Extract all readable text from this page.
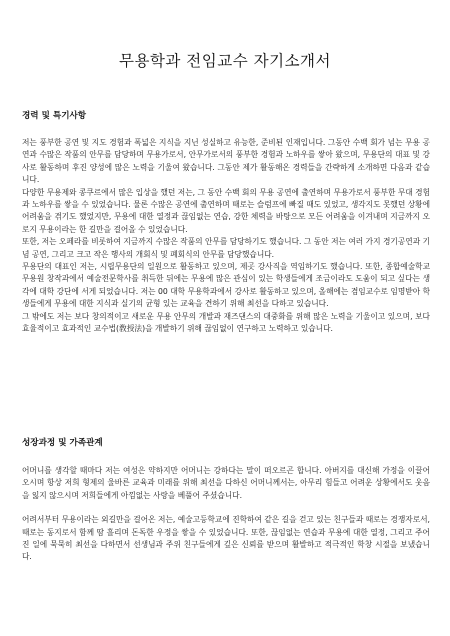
무용학과 전임교수 자기소개서
경력 및 특기사항

저는 풍부한 공연 및 지도 경험과 폭넓은 지식을 지닌 성실하고 유능한, 준비된 인재입니다. 그동안 수백 회가 넘는 무용 공연과 수많은 작품의 안무를 담당하며 무용가로서, 안무가로서의 풍부한 경험과 노하우를 쌓아 왔으며, 무용단의 대표 및 강사로 활동하며 후진 양성에 많은 노력을 기울여 왔습니다. 그동안 제가 활동해온 경력들을 간략하게 소개하면 다음과 같습니다.

다양한 무용제와 콩쿠르에서 많은 입상을 했던 저는, 그 동안 수백 회의 무용 공연에 출연하며 무용가로서 풍부한 무대 경험과 노하우를 쌓을 수 있었습니다. 물론 수많은 공연에 출연하며 때로는 슬럼프에 빠질 때도 있었고, 생각지도 못했던 상황에 어려움을 겪기도 했었지만, 무용에 대한 열정과 끊임없는 연습, 강한 체력을 바탕으로 모든 어려움을 이겨내며 지금까지 오로지 무용이라는 한 길만을 걸어올 수 있었습니다.

또한, 저는 오페라를 비롯하여 지금까지 수많은 작품의 안무를 담당하기도 했습니다. 그 동안 저는 여러 가지 경기공연과 기념 공연, 그리고 크고 작은 행사의 개회식 및 폐회식의 안무를 담당했습니다.

무용단의 대표인 저는, 시립무용단의 일원으로 활동하고 있으며, 제곳 강사직을 역임하기도 했습니다. 또한, 종합예술학교 무용원 창작과에서 예술전문학사를 취득한 뒤에는 무용에 많은 관심이 있는 학생들에게 조금이라도 도움이 되고 싶다는 생각에 대학 강단에 서게 되었습니다. 저는 00 대학 무용학과에서 강사로 활동하고 있으며, 올해에는 겸임교수로 임명받아 학생들에게 무용에 대한 지식과 실기의 균형 있는 교육을 견하기 위해 최선을 다하고 있습니다.

그 밖에도 저는 보다 창의적이고 새로운 무용 안무의 개발과 재즈댄스의 대중화를 위해 많은 노력을 기울이고 있으며, 보다 효율적이고 효과적인 교수법(敎授法)을 개발하기 위해 끊임없이 연구하고 노력하고 있습니다.

성장과정 및 가족관계

어머니를 생각할 때마다 저는 여성은 약하지만 어머니는 강하다는 말이 떠오르곤 합니다. 아버지를 대신해 가정을 이끌어 오시며 항상 저희 형제의 울바른 교육과 미래를 위해 최선을 다하신 어머니께서는, 아무리 힘들고 어려운 상황에서도 웃음을 잃지 않으시며 저희들에게 아낌없는 사랑을 베풀어 주셨습니다.

어려서부터 무용이라는 외길만을 걸어온 저는, 예술고등학교에 진학하여 같은 길을 걷고 있는 친구들과 때로는 경쟁자로서, 때로는 동지로서 함께 땀 흘리며 돈독한 우정을 쌓을 수 있었습니다. 또한, 끊임없는 연습과 무용에 대한 열정, 그리고 주어진 일에 묵묵히 최선을 다하면서 선생님과 주위 친구들에게 깊은 신뢰를 받으며 활발하고 적극적인 학창 시절을 보냈습니다.
